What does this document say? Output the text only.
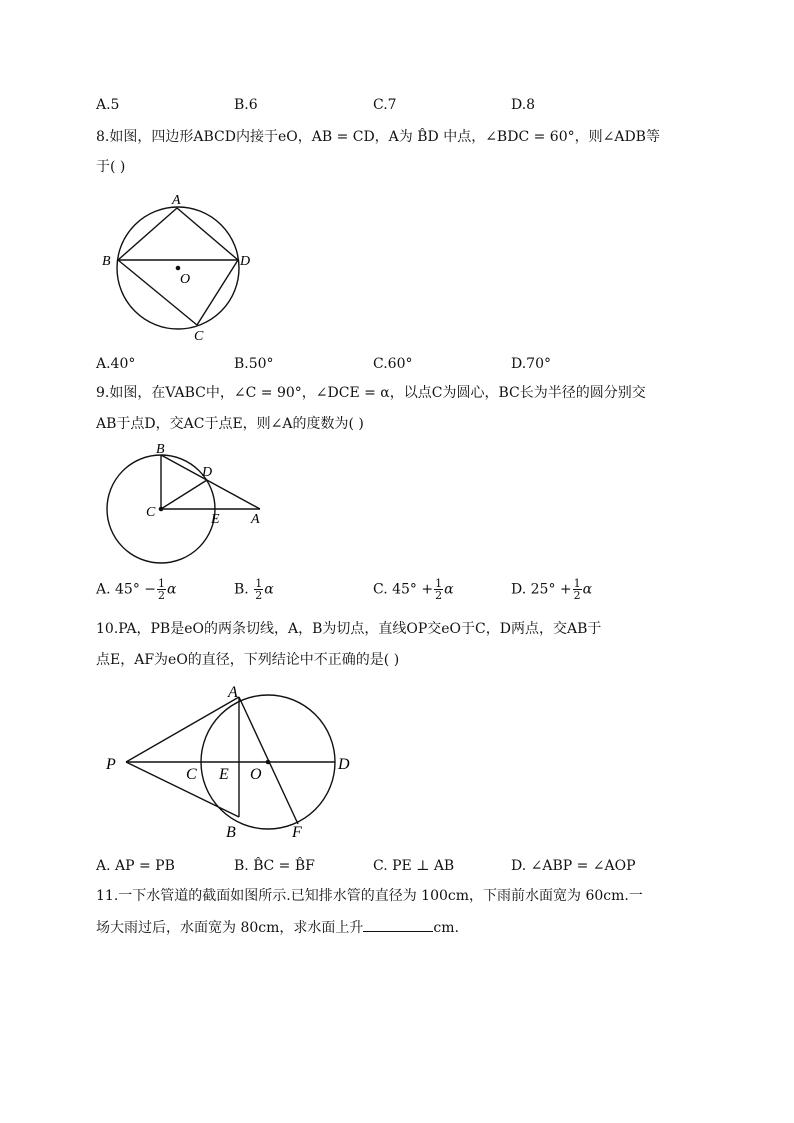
A.5	B.6	C.7	D.8
8.如图，四边形ABCD内接于eO，AB = CD，A为 B̂D 中点，∠BDC = 60°，则∠ADB等
于( )
A
B
C
D
O
A.40°	B.50°	C.60°	D.70°
9.如图，在VABC中，∠C = 90°，∠DCE = α，以点C为圆心，BC长为半径的圆分别交
AB于点D，交AC于点E，则∠A的度数为( )
B
D
C	E A
A. $45^\circ - \frac{1}{2}$ α	B. $\frac{1}{2}$ α	C. $45^\circ + \frac{1}{2}$ α	D. $25^\circ + \frac{1}{2}$ α
10.PA，PB是eO的两条切线，A，B为切点，直线OP交eO于C，D两点，交AB于
点E，AF为eO的直径，下列结论中不正确的是( )
A
P
C E O
D
B	F
A. AP = PB	B. B̂C = B̂F	C. PE ⊥ AB	D. ∠ABP = ∠AOP
11.一下水管道的截面如图所示.已知排水管的直径为 100cm，下雨前水面宽为 60cm.一
场大雨过后，水面宽为 80cm，求水面上升	cm.
